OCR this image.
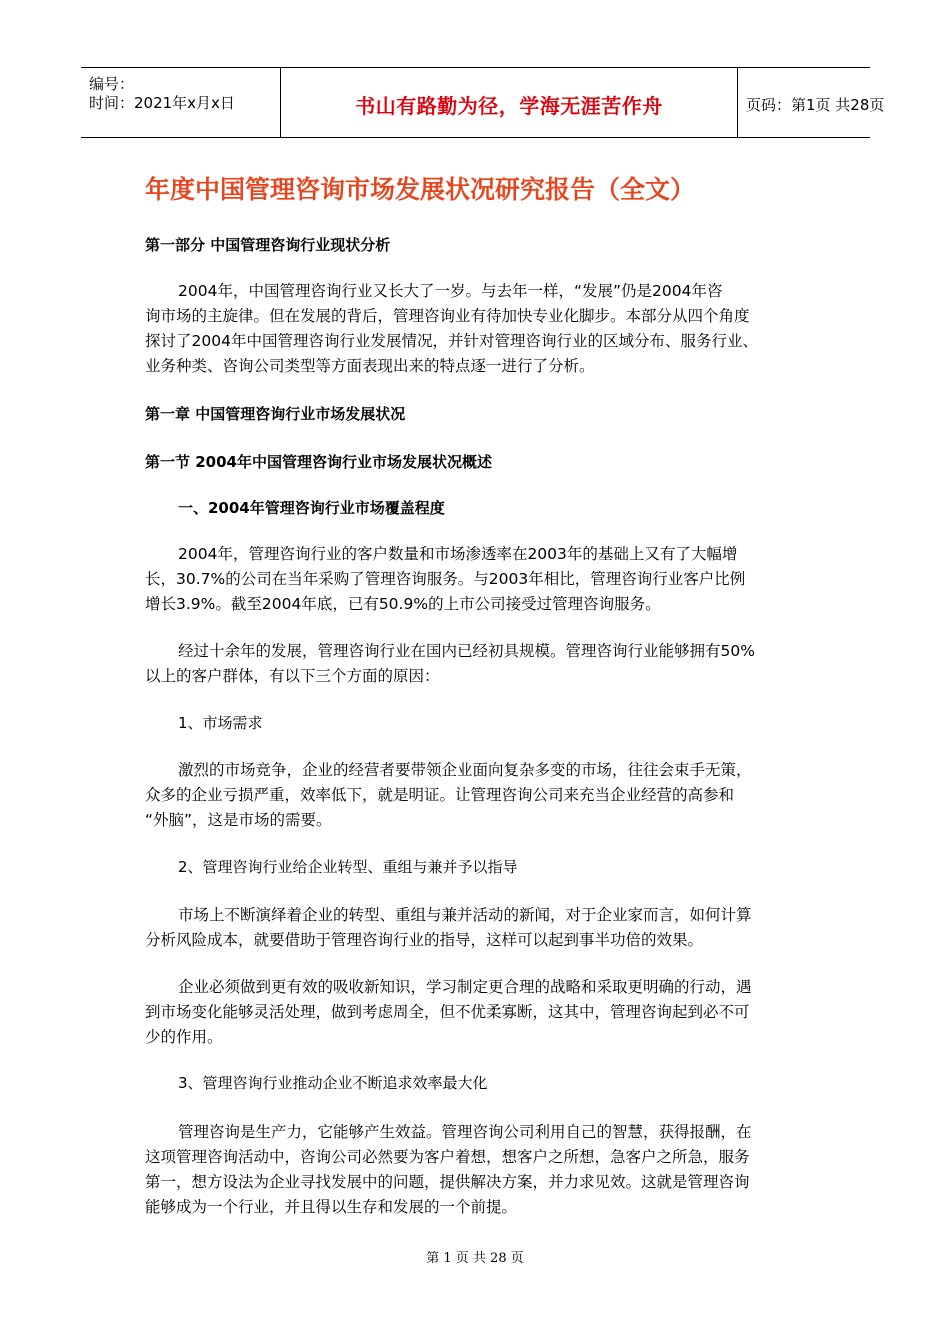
编号：
时间：2021年x月x日	书山有路勤为径，学海无涯苦作舟	页码：第1页 共28页
年度中国管理咨询市场发展状况研究报告（全文）
第一部分 中国管理咨询行业现状分析
2004年，中国管理咨询行业又长大了一岁。与去年一样，“发展”仍是2004年咨
询市场的主旋律。但在发展的背后，管理咨询业有待加快专业化脚步。本部分从四个角度
探讨了2004年中国管理咨询行业发展情况，并针对管理咨询行业的区域分布、服务行业、
业务种类、咨询公司类型等方面表现出来的特点逐一进行了分析。
第一章 中国管理咨询行业市场发展状况
第一节 2004年中国管理咨询行业市场发展状况概述
一、2004年管理咨询行业市场覆盖程度
2004年，管理咨询行业的客户数量和市场渗透率在2003年的基础上又有了大幅增
长，30.7%的公司在当年采购了管理咨询服务。与2003年相比，管理咨询行业客户比例
增长3.9%。截至2004年底，已有50.9%的上市公司接受过管理咨询服务。
经过十余年的发展，管理咨询行业在国内已经初具规模。管理咨询行业能够拥有50%
以上的客户群体，有以下三个方面的原因：
1、市场需求
激烈的市场竞争，企业的经营者要带领企业面向复杂多变的市场，往往会束手无策，
众多的企业亏损严重，效率低下，就是明证。让管理咨询公司来充当企业经营的高参和
“外脑”，这是市场的需要。
2、管理咨询行业给企业转型、重组与兼并予以指导
市场上不断演绎着企业的转型、重组与兼并活动的新闻，对于企业家而言，如何计算
分析风险成本，就要借助于管理咨询行业的指导，这样可以起到事半功倍的效果。
企业必须做到更有效的吸收新知识，学习制定更合理的战略和采取更明确的行动，遇
到市场变化能够灵活处理，做到考虑周全，但不优柔寡断，这其中，管理咨询起到必不可
少的作用。
3、管理咨询行业推动企业不断追求效率最大化
管理咨询是生产力，它能够产生效益。管理咨询公司利用自己的智慧，获得报酬，在
这项管理咨询活动中，咨询公司必然要为客户着想，想客户之所想，急客户之所急，服务
第一，想方设法为企业寻找发展中的问题，提供解决方案，并力求见效。这就是管理咨询
能够成为一个行业，并且得以生存和发展的一个前提。
第 1 页 共 28 页
